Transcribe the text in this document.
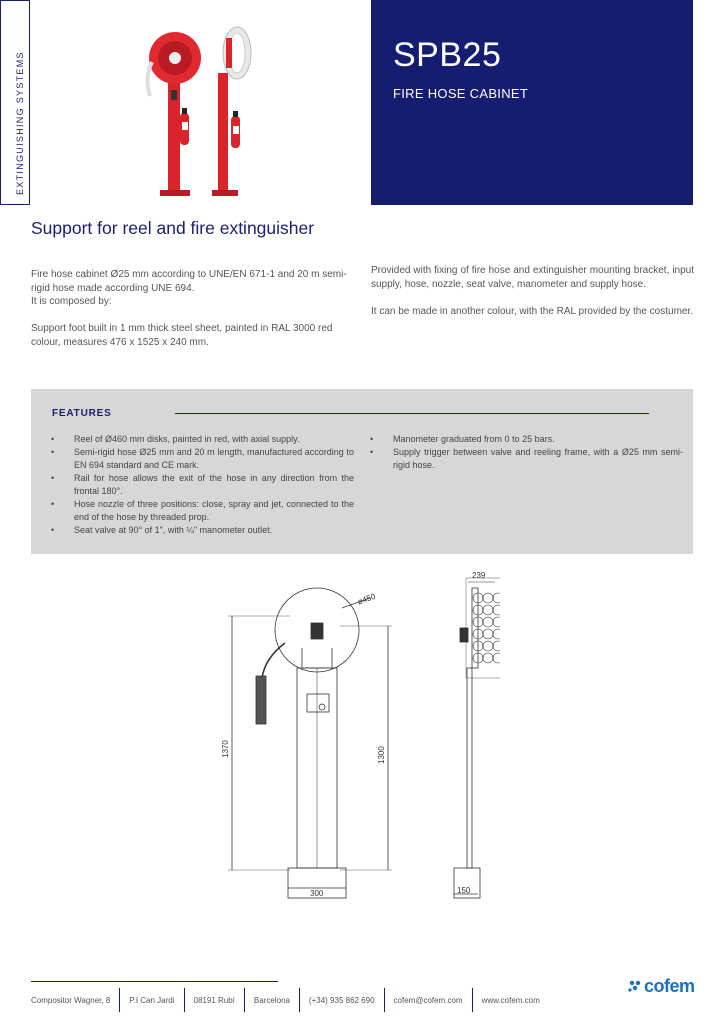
EXTINGUISHING SYSTEMS	SPB25
FIRE HOSE CABINET
Support for reel and fire extinguisher

Fire hose cabinet Ø25 mm according to UNE/EN 671-1 and 20 m semi-rigid hose made according UNE 694.

It is composed by:

Support foot built in 1 mm thick steel sheet, painted in RAL 3000 red colour, measures 476 x 1525 x 240 mm.

Provided with fixing of fire hose and extinguisher mounting bracket, input supply, hose, nozzle, seat valve, manometer and supply hose.

It can be made in another colour, with the RAL provided by the costumer.

FEATURES
• Reel of Ø460 mm disks, painted in red, with axial supply.
• Semi-rigid hose Ø25 mm and 20 m length, manufactured according to EN 694 standard and CE mark.
• Rail for hose allows the exit of the hose in any direction from the frontal 180°.
• Hose nozzle of three positions: close, spray and jet, connected to the end of the hose by threaded prop.
• Seat valve at 90° of 1", with ¼" manometer outlet.
• Manometer graduated from 0 to 25 bars.
• Supply trigger between valve and reeling frame, with a Ø25 mm semi-rigid hose.
ø450
1370	1300
300
239
150
Compositor Wagner, 8	P.I Can Jardi	08191 Rubí	Barcelona	(+34) 935 862 690	cofem@cofem.com	www.cofem.com
cofem
